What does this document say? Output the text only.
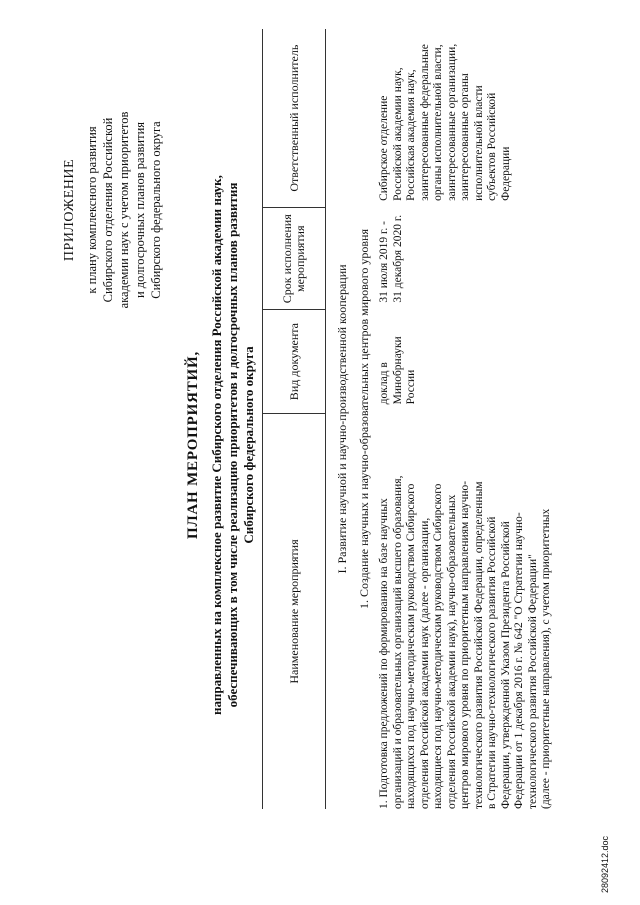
ПРИЛОЖЕНИЕ к плану комплексного развития Сибирского отделения Российской академии наук с учетом приоритетов и долгосрочных планов развития Сибирского федерального округа
ПЛАН МЕРОПРИЯТИЙ, направленных на комплексное развитие Сибирского отделения Российской академии наук, обеспечивающих в том числе реализацию приоритетов и долгосрочных планов развития Сибирского федерального округа
Наименование мероприятия
Вид документа
Срок исполнения мероприятия
Ответственный исполнитель
I. Развитие научной и научно-производственной кооперации 1. Создание научных и научно-образовательных центров мирового уровня
1. Подготовка предложений по формированию на базе научных организаций и образовательных организаций высшего образования, находящихся под научно-методическим руководством Сибирского отделения Российской академии наук (далее - организации, находящиеся под научно-методическим руководством Сибирского отделения Российской академии наук), научно-образовательных центров мирового уровня по приоритетным направлениям научно- технологического развития Российской Федерации, определенным в Стратегии научно-технологического развития Российской Федерации, утвержденной Указом Президента Российской Федерации от 1 декабря 2016 г. № 642 "О Стратегии научно- технологического развития Российской Федерации" (далее - приоритетные направления), с учетом приоритетных
доклад в Минобрнауки России
31 июля 2019 г. - 31 декабря 2020 г.
Сибирское отделение Российской академии наук, Российская академия наук, заинтересованные федеральные органы исполнительной власти, заинтересованные организации, заинтересованные органы исполнительной власти субъектов Российской Федерации
28092412.doc
